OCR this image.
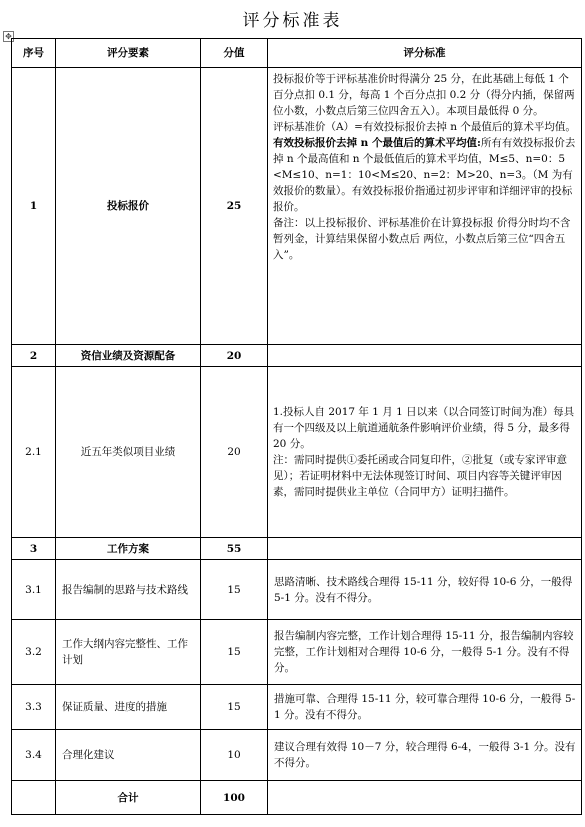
评分标准表
✥
序号	评分要素	分值	评分标准
1	投标报价	25	投标报价等于评标基准价时得满分 25 分，在此基础上每低 1 个百分点扣 0.1 分，每高 1 个百分点扣 0.2 分（得分内插，保留两位小数，小数点后第三位四舍五入）。本项目最低得 0 分。

评标基准价（A）=有效投标报价去掉 n 个最值后的算术平均值。

有效投标报价去掉 n 个最值后的算术平均值:所有有效投标报价去掉 n 个最高值和 n 个最低值后的算术平均值，M≤5、n=0：5 <M≤10、n=1：10<M≤20、n=2：M>20、n=3。（M 为有效报价的数量）。有效投标报价指通过初步评审和详细评审的投标报价。

备注：以上投标报价、评标基准价在计算投标报 价得分时均不含暂列金，计算结果保留小数点后 两位，小数点后第三位“四舍五入”。

2	资信业绩及资源配备	20	
2.1	近五年类似项目业绩	20	1.投标人自 2017 年 1 月 1 日以来（以合同签订时间为准）每具有一个四级及以上航道通航条件影响评价业绩，得 5 分，最多得 20 分。

注：需同时提供①委托函或合同复印件，②批复（或专家评审意见）；若证明材料中无法体现签订时间、项目内容等关键评审因素，需同时提供业主单位（合同甲方）证明扫描件。

3	工作方案	55	
3.1	报告编制的思路与技术路线	15	思路清晰、技术路线合理得 15-11 分，较好得 10-6 分，一般得 5-1 分。没有不得分。
3.2	工作大纲内容完整性、工作计划	15	报告编制内容完整，工作计划合理得 15-11 分，报告编制内容较完整，工作计划相对合理得 10-6 分，一般得 5-1 分。没有不得分。
3.3	保证质量、进度的措施	15	措施可靠、合理得 15-11 分，较可靠合理得 10-6 分，一般得 5-1 分。没有不得分。
3.4	合理化建议	10	建议合理有效得 10－7 分，较合理得 6-4，一般得 3-1 分。没有不得分。
	合计	100	
